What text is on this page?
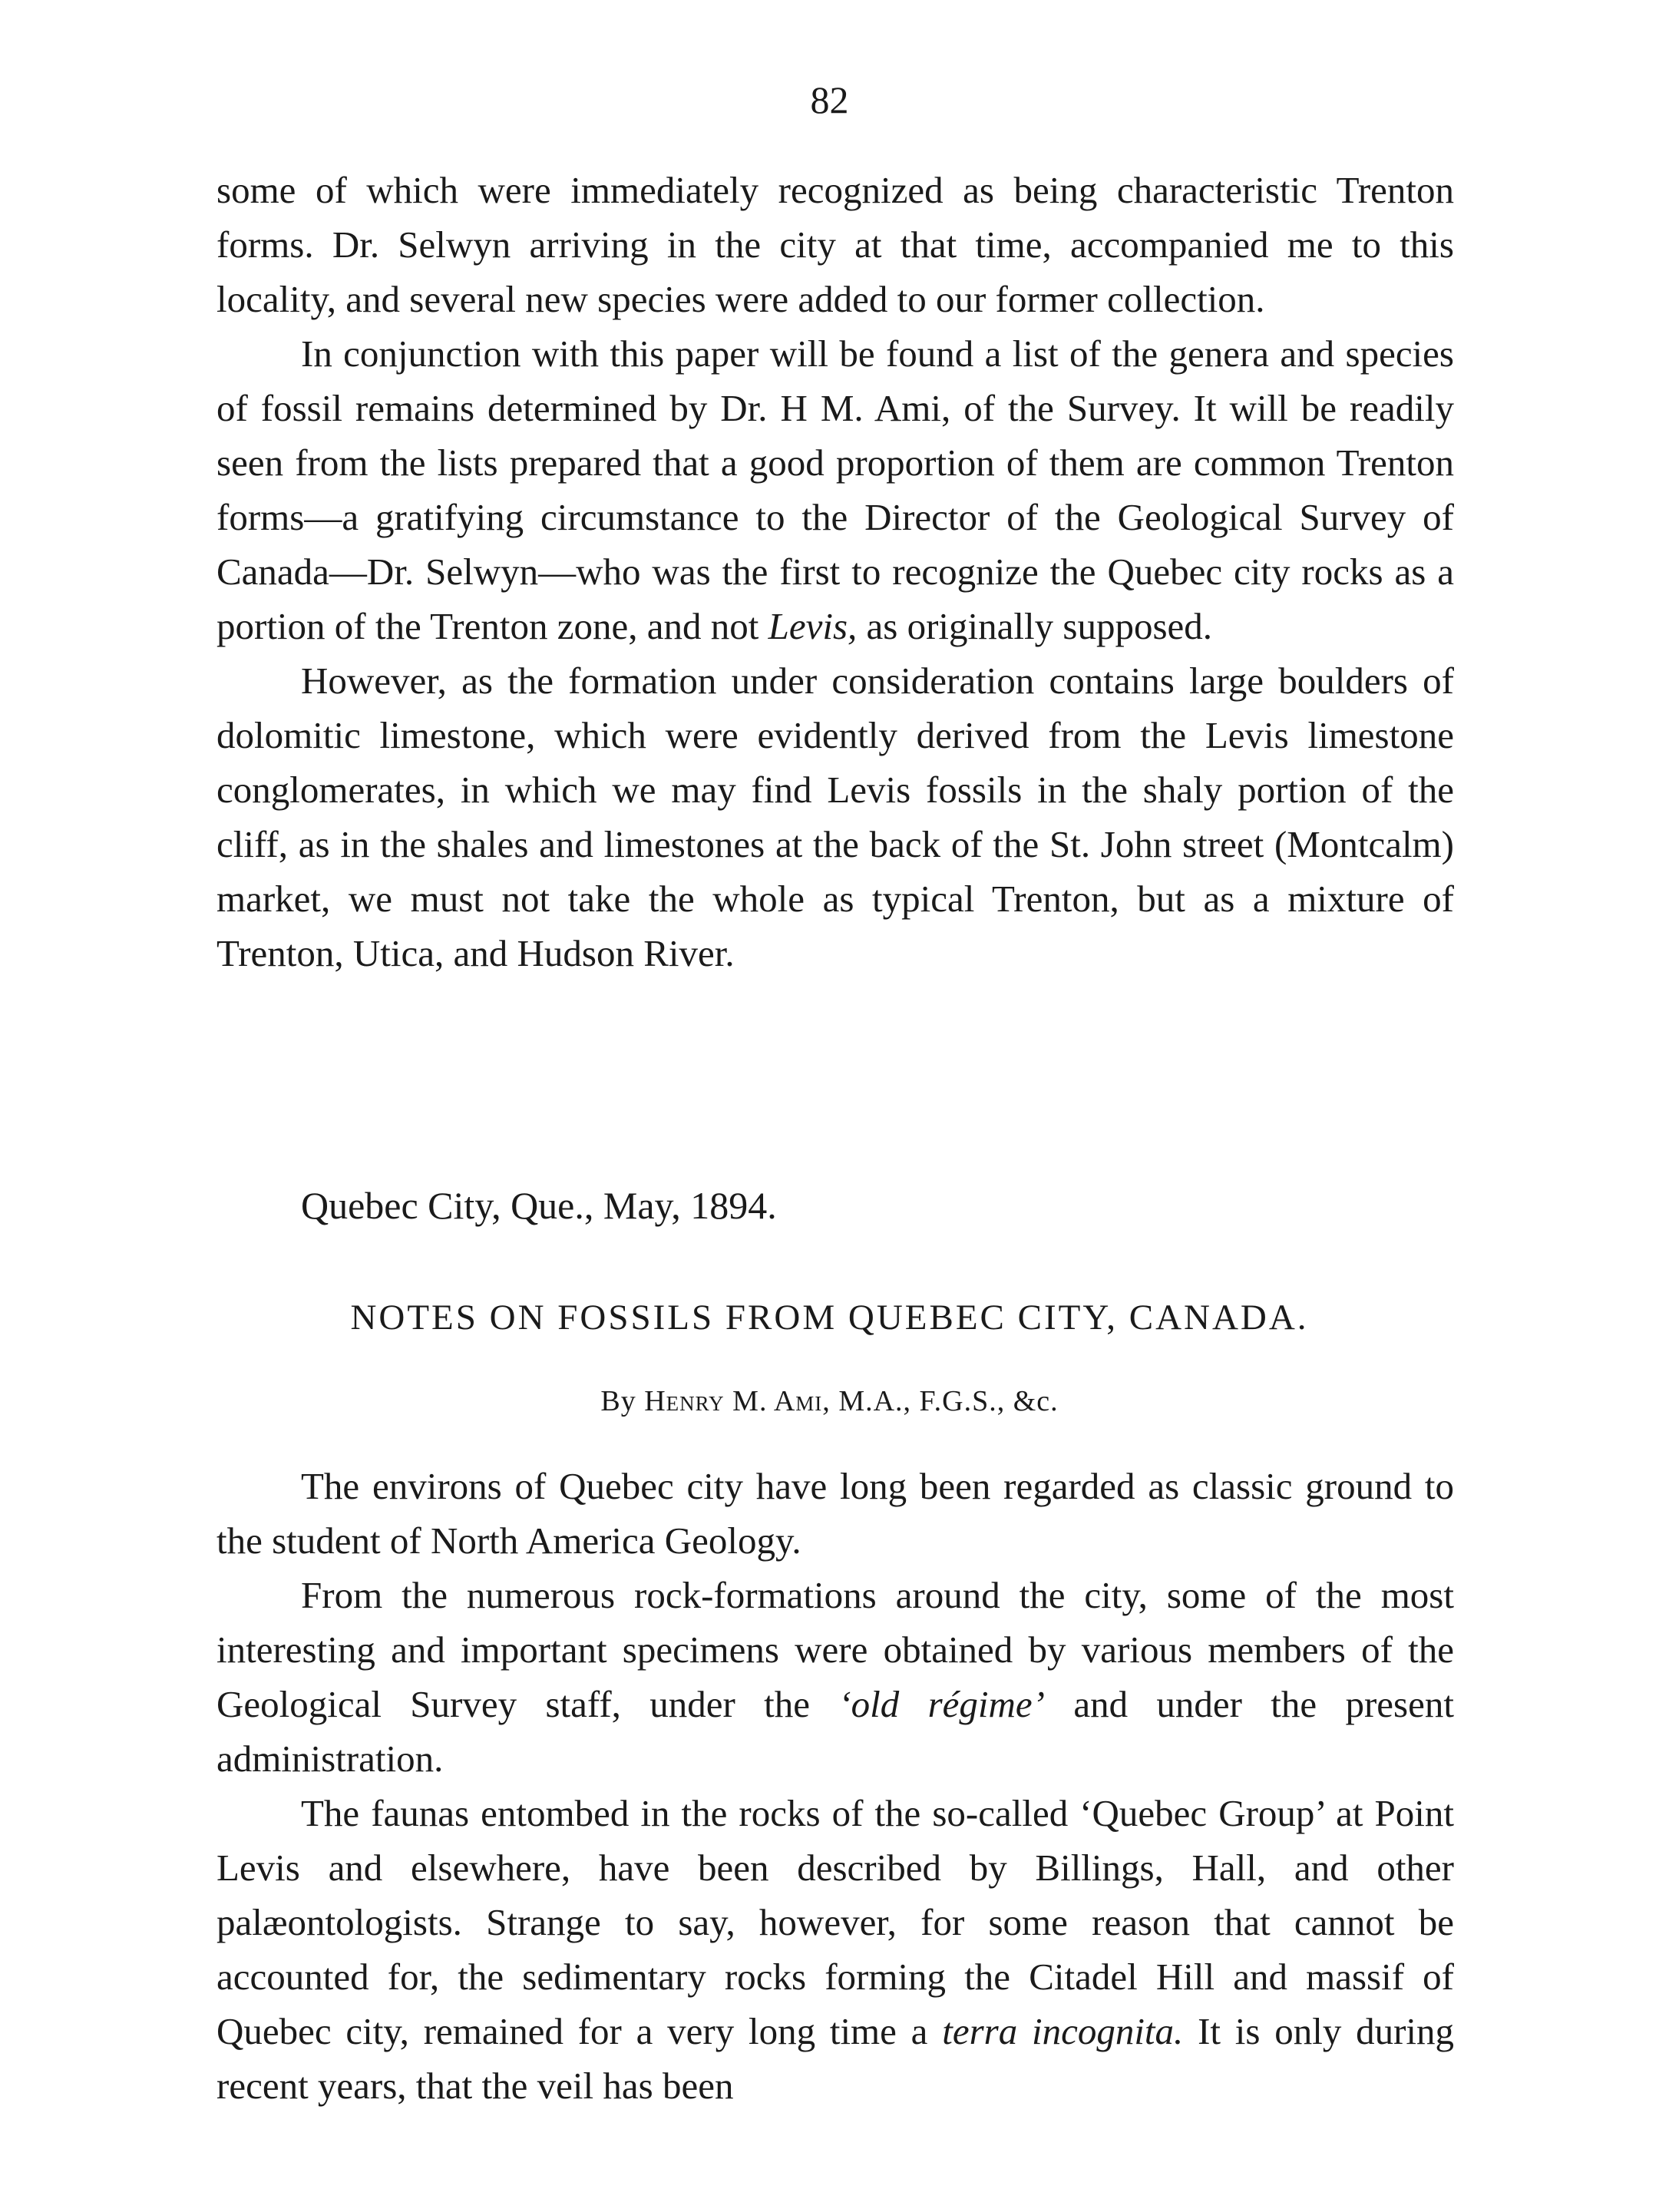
82

some of which were immediately recognized as being characteristic Trenton forms. Dr. Selwyn arriving in the city at that time, accompanied me to this locality, and several new species were added to our former collection.

In conjunction with this paper will be found a list of the genera and species of fossil remains determined by Dr. H M. Ami, of the Survey. It will be readily seen from the lists prepared that a good proportion of them are common Trenton forms—a gratifying circumstance to the Director of the Geological Survey of Canada—Dr. Selwyn—who was the first to recognize the Quebec city rocks as a portion of the Trenton zone, and not Levis, as originally supposed.

However, as the formation under consideration contains large boulders of dolomitic limestone, which were evidently derived from the Levis limestone conglomerates, in which we may find Levis fossils in the shaly portion of the cliff, as in the shales and limestones at the back of the St. John street (Montcalm) market, we must not take the whole as typical Trenton, but as a mixture of Trenton, Utica, and Hudson River.

Quebec City, Que., May, 1894.
NOTES ON FOSSILS FROM QUEBEC CITY, CANADA.
By Henry M. Ami, M.A., F.G.S., &c.

The environs of Quebec city have long been regarded as classic ground to the student of North America Geology.

From the numerous rock-formations around the city, some of the most interesting and important specimens were obtained by various members of the Geological Survey staff, under the ‘old régime’ and under the present administration.

The faunas entombed in the rocks of the so-called ‘Quebec Group’ at Point Levis and elsewhere, have been described by Billings, Hall, and other palæontologists. Strange to say, however, for some reason that cannot be accounted for, the sedimentary rocks forming the Citadel Hill and massif of Quebec city, remained for a very long time a terra incognita. It is only during recent years, that the veil has been
